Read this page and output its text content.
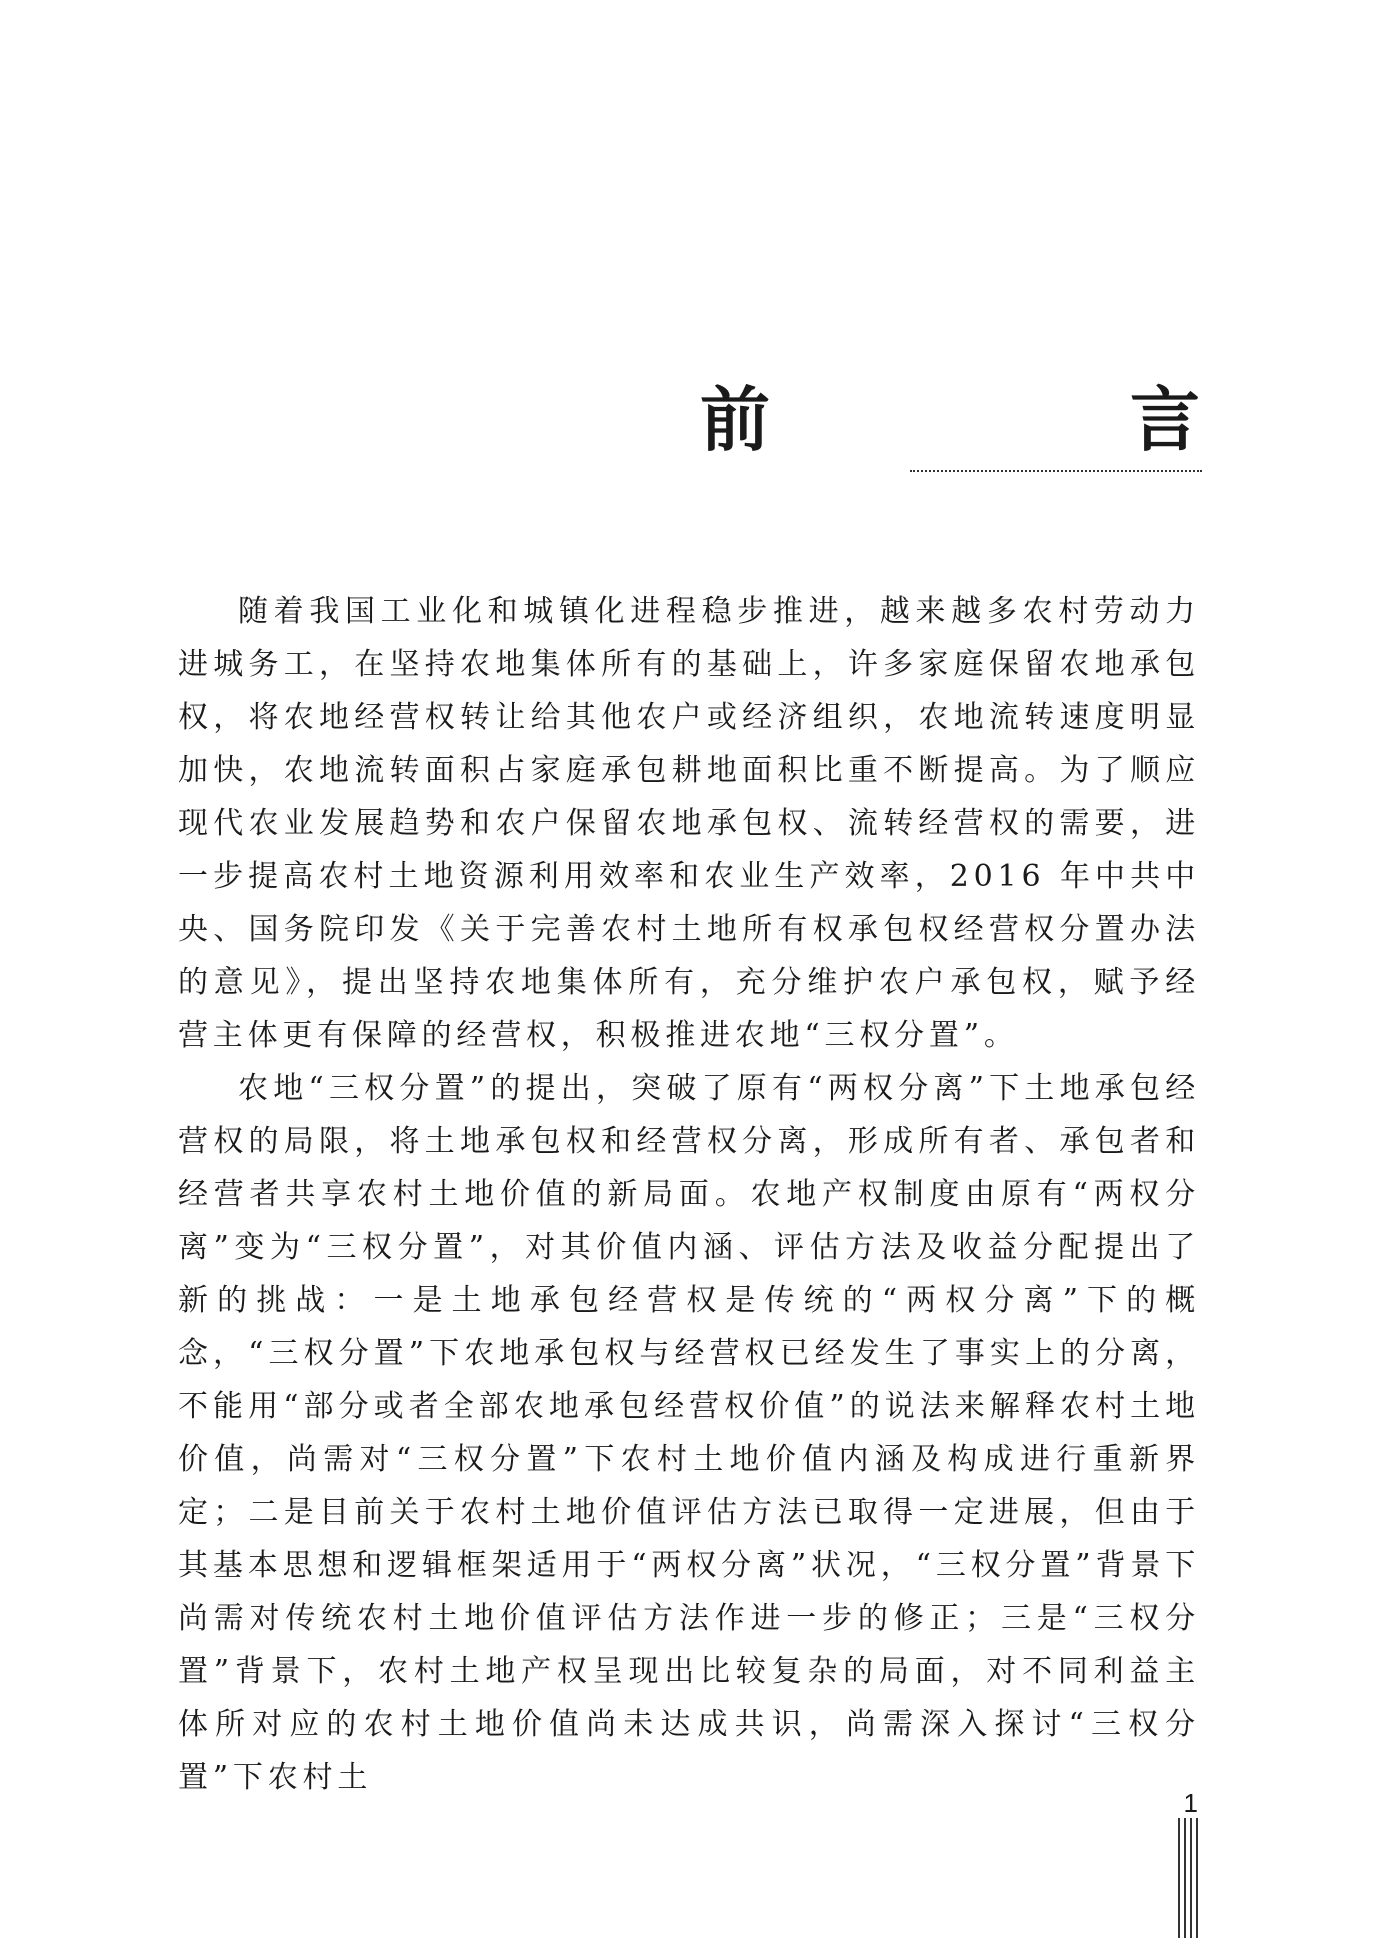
前	言

随着我国工业化和城镇化进程稳步推进，越来越多农村劳动力进城务工，在坚持农地集体所有的基础上，许多家庭保留农地承包权，将农地经营权转让给其他农户或经济组织，农地流转速度明显加快，农地流转面积占家庭承包耕地面积比重不断提高。为了顺应现代农业发展趋势和农户保留农地承包权、流转经营权的需要，进一步提高农村土地资源利用效率和农业生产效率，2016 年中共中央、国务院印发《关于完善农村土地所有权承包权经营权分置办法的意见》，提出坚持农地集体所有，充分维护农户承包权，赋予经营主体更有保障的经营权，积极推进农地“三权分置”。

农地“三权分置”的提出，突破了原有“两权分离”下土地承包经营权的局限，将土地承包权和经营权分离，形成所有者、承包者和经营者共享农村土地价值的新局面。农地产权制度由原有“两权分离”变为“三权分置”，对其价值内涵、评估方法及收益分配提出了新的挑战：一是土地承包经营权是传统的“两权分离”下的概念，“三权分置”下农地承包权与经营权已经发生了事实上的分离，不能用“部分或者全部农地承包经营权价值”的说法来解释农村土地价值，尚需对“三权分置”下农村土地价值内涵及构成进行重新界定；二是目前关于农村土地价值评估方法已取得一定进展，但由于其基本思想和逻辑框架适用于“两权分离”状况，“三权分置”背景下尚需对传统农村土地价值评估方法作进一步的修正；三是“三权分置”背景下，农村土地产权呈现出比较复杂的局面，对不同利益主体所对应的农村土地价值尚未达成共识，尚需深入探讨“三权分置”下农村土

1
